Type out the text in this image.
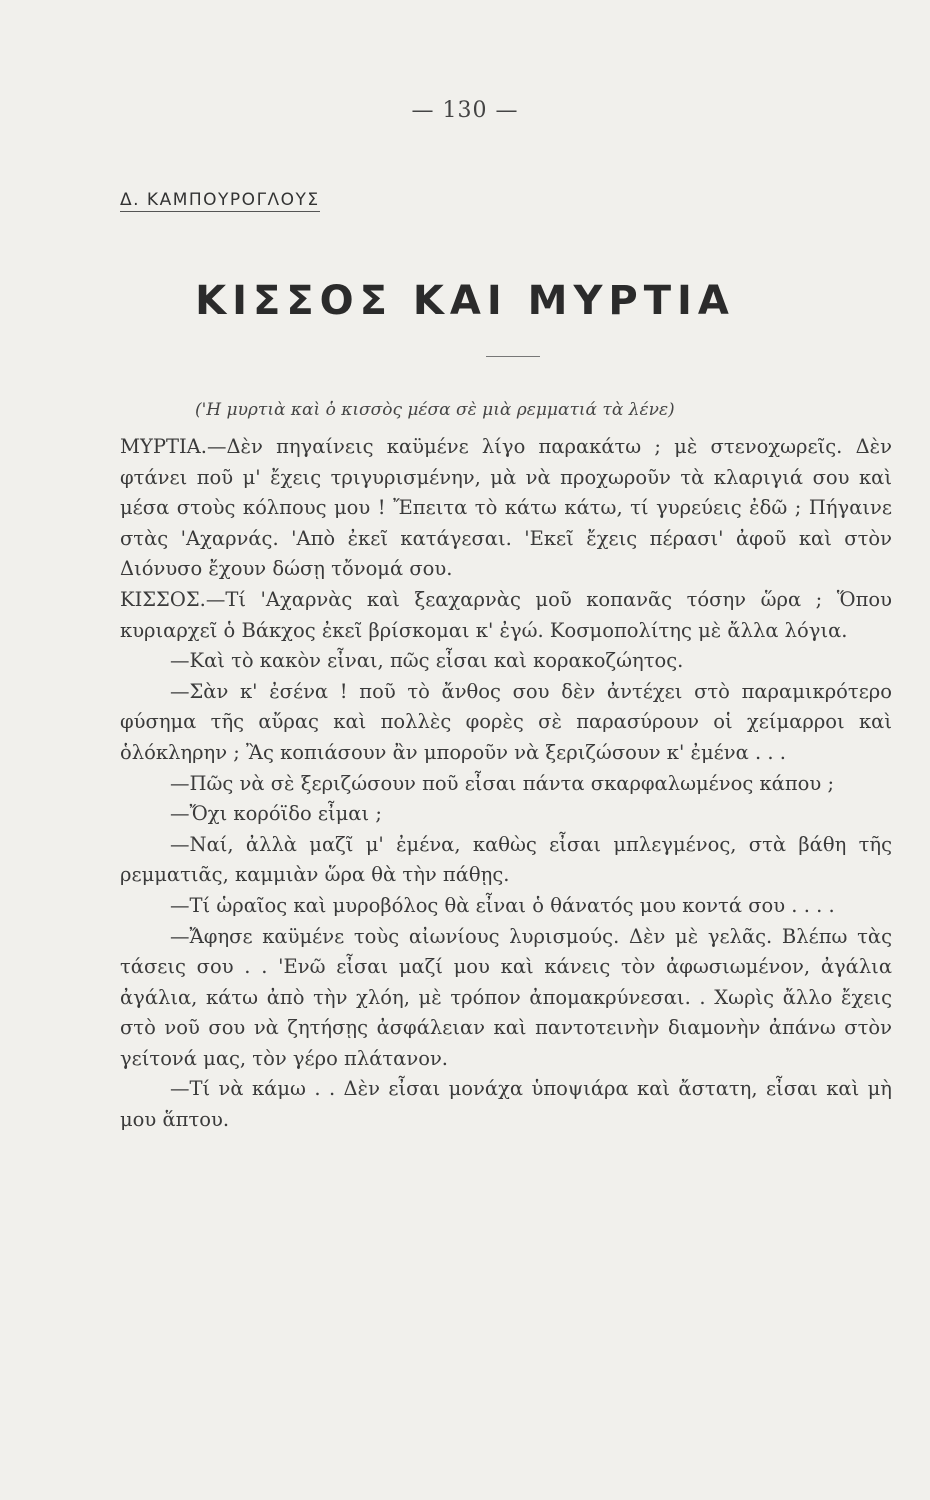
— 130 —
Δ. ΚΑΜΠΟΥΡΟΓΛΟΥΣ
ΚΙΣΣΟΣ ΚΑΙ ΜΥΡΤΙΑ
('Η μυρτιὰ καὶ ὁ κισσὸς μέσα σὲ μιὰ ρεμματιά τὰ λένε)

ΜΥΡΤΙΑ.—Δὲν πηγαίνεις καϋμένε λίγο παρακάτω ; μὲ στενοχωρεῖς. Δὲν φτάνει ποῦ μ' ἔχεις τριγυρισμένην, μὰ νὰ προχωροῦν τὰ κλαριγιά σου καὶ μέσα στοὺς κόλπους μου ! Ἔπειτα τὸ κάτω κάτω, τί γυρεύεις ἐδῶ ; Πήγαινε στὰς 'Αχαρνάς. 'Απὸ ἐκεῖ κατάγεσαι. 'Εκεῖ ἔχεις πέρασι' ἀφοῦ καὶ στὸν Διόνυσο ἔχουν δώσῃ τὄνομά σου.

ΚΙΣΣΟΣ.—Τί 'Αχαρνὰς καὶ ξεαχαρνὰς μοῦ κοπανᾶς τόσην ὥρα ; Ὅπου κυριαρχεῖ ὁ Βάκχος ἐκεῖ βρίσκομαι κ' ἐγώ. Κοσμοπολίτης μὲ ἄλλα λόγια.

—Καὶ τὸ κακὸν εἶναι, πῶς εἶσαι καὶ κορακοζώητος.

—Σὰν κ' ἐσένα ! ποῦ τὸ ἄνθος σου δὲν ἀντέχει στὸ παραμικρότερο φύσημα τῆς αὔρας καὶ πολλὲς φορὲς σὲ παρασύρουν οἱ χείμαρροι καὶ ὁλόκληρην ; Ἂς κοπιάσουν ἂν μποροῦν νὰ ξεριζώσουν κ' ἐμένα . . .

—Πῶς νὰ σὲ ξεριζώσουν ποῦ εἶσαι πάντα σκαρφαλωμένος κάπου ;

—Ὄχι κορόϊδο εἶμαι ;

—Ναί, ἀλλὰ μαζῖ μ' ἐμένα, καθὼς εἶσαι μπλεγμένος, στὰ βάθη τῆς ρεμματιᾶς, καμμιὰν ὥρα θὰ τὴν πάθῃς.

—Τί ὡραῖος καὶ μυροβόλος θὰ εἶναι ὁ θάνατός μου κοντά σου . . . .

—Ἄφησε καϋμένε τοὺς αἰωνίους λυρισμούς. Δὲν μὲ γελᾶς. Βλέπω τὰς τάσεις σου . . 'Ενῶ εἶσαι μαζί μου καὶ κάνεις τὸν ἀφωσιωμένον, ἀγάλια ἀγάλια, κάτω ἀπὸ τὴν χλόη, μὲ τρόπον ἀπομακρύνεσαι. . Χωρὶς ἄλλο ἔχεις στὸ νοῦ σου νὰ ζητήσῃς ἀσφάλειαν καὶ παντοτεινὴν διαμονὴν ἀπάνω στὸν γείτονά μας, τὸν γέρο πλάτανον.

—Τί νὰ κάμω . . Δὲν εἶσαι μονάχα ὑποψιάρα καὶ ἄστατη, εἶσαι καὶ μὴ μου ἅπτου.
